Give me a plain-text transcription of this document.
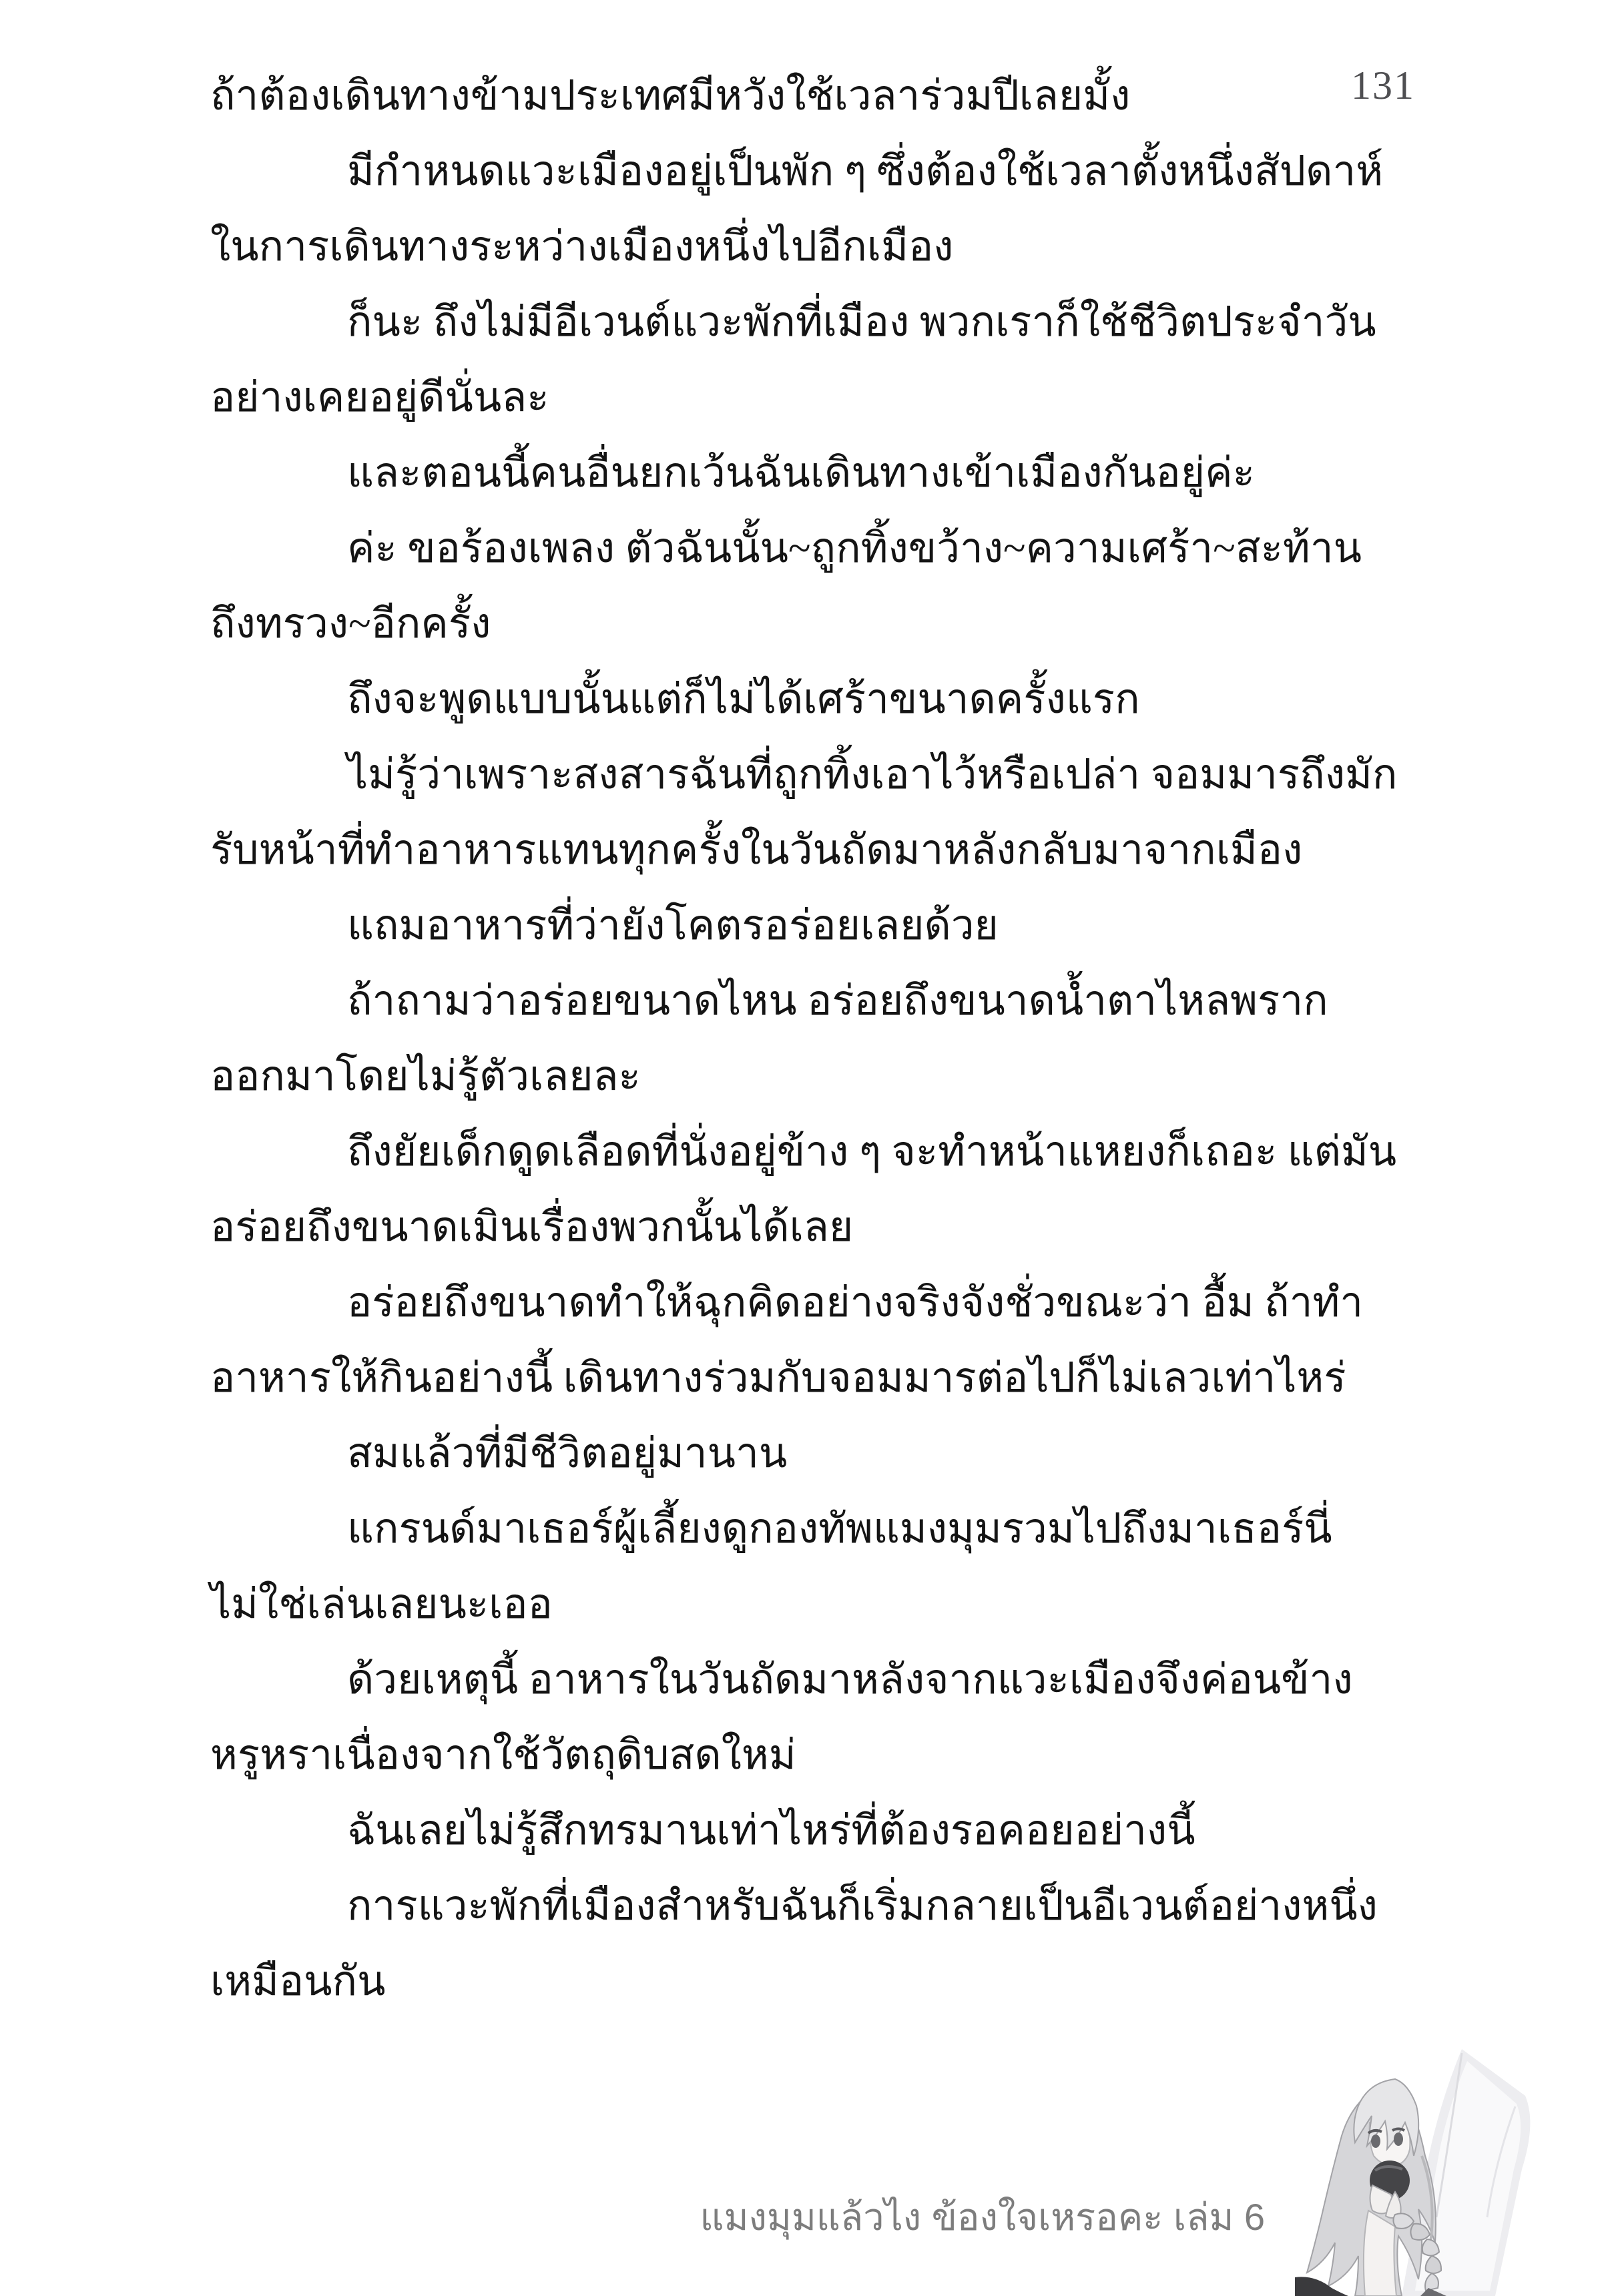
131
ถ้าต้องเดินทางข้ามประเทศมีหวังใช้เวลาร่วมปีเลยมั้ง
มีกำหนดแวะเมืองอยู่เป็นพัก ๆ ซึ่งต้องใช้เวลาตั้งหนึ่งสัปดาห์
ในการเดินทางระหว่างเมืองหนึ่งไปอีกเมือง
ก็นะ ถึงไม่มีอีเวนต์แวะพักที่เมือง พวกเราก็ใช้ชีวิตประจำวัน
อย่างเคยอยู่ดีนั่นละ
และตอนนี้คนอื่นยกเว้นฉันเดินทางเข้าเมืองกันอยู่ค่ะ
ค่ะ ขอร้องเพลง ตัวฉันนั้น~ถูกทิ้งขว้าง~ความเศร้า~สะท้าน
ถึงทรวง~อีกครั้ง
ถึงจะพูดแบบนั้นแต่ก็ไม่ได้เศร้าขนาดครั้งแรก
ไม่รู้ว่าเพราะสงสารฉันที่ถูกทิ้งเอาไว้หรือเปล่า จอมมารถึงมัก
รับหน้าที่ทำอาหารแทนทุกครั้งในวันถัดมาหลังกลับมาจากเมือง
แถมอาหารที่ว่ายังโคตรอร่อยเลยด้วย
ถ้าถามว่าอร่อยขนาดไหน อร่อยถึงขนาดน้ำตาไหลพราก
ออกมาโดยไม่รู้ตัวเลยละ
ถึงยัยเด็กดูดเลือดที่นั่งอยู่ข้าง ๆ จะทำหน้าแหยงก็เถอะ แต่มัน
อร่อยถึงขนาดเมินเรื่องพวกนั้นได้เลย
อร่อยถึงขนาดทำให้ฉุกคิดอย่างจริงจังชั่วขณะว่า อื้ม ถ้าทำ
อาหารให้กินอย่างนี้ เดินทางร่วมกับจอมมารต่อไปก็ไม่เลวเท่าไหร่
สมแล้วที่มีชีวิตอยู่มานาน
แกรนด์มาเธอร์ผู้เลี้ยงดูกองทัพแมงมุมรวมไปถึงมาเธอร์นี่
ไม่ใช่เล่นเลยนะเออ
ด้วยเหตุนี้ อาหารในวันถัดมาหลังจากแวะเมืองจึงค่อนข้าง
หรูหราเนื่องจากใช้วัตถุดิบสดใหม่
ฉันเลยไม่รู้สึกทรมานเท่าไหร่ที่ต้องรอคอยอย่างนี้
การแวะพักที่เมืองสำหรับฉันก็เริ่มกลายเป็นอีเวนต์อย่างหนึ่ง
เหมือนกัน
แมงมุมแล้วไง ข้องใจเหรอคะ เล่ม 6
